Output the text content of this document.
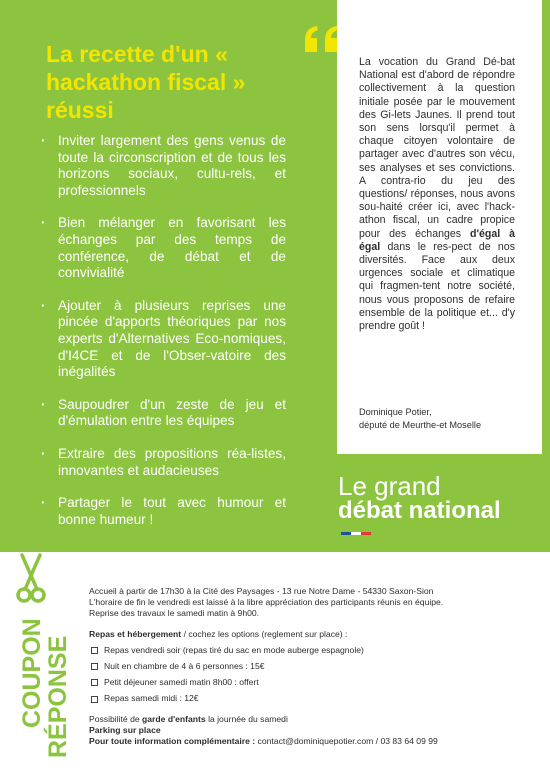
La recette d'un « hackathon fiscal » réussi
· Inviter largement des gens venus de toute la circonscription et de tous les horizons sociaux, cultu-rels, et professionnels
· Bien mélanger en favorisant les échanges par des temps de conférence, de débat et de convivialité
· Ajouter à plusieurs reprises une pincée d'apports théoriques par nos experts d'Alternatives Eco-nomiques, d'I4CE et de l'Obser-vatoire des inégalités
· Saupoudrer d'un zeste de jeu et d'émulation entre les équipes
· Extraire des propositions réa-listes, innovantes et audacieuses
· Partager le tout avec humour et bonne humeur !

La vocation du Grand Dé-bat National est d'abord de répondre collectivement à la question initiale posée par le mouvement des Gi-lets Jaunes. Il prend tout son sens lorsqu'il permet à chaque citoyen volontaire de partager avec d'autres son vécu, ses analyses et ses convictions. A contra-rio du jeu des questions/ réponses, nous avons sou-haité créer ici, avec l'hack-athon fiscal, un cadre propice pour des échanges d'égal à égal dans le res-pect de nos diversités. Face aux deux urgences sociale et climatique qui fragmen-tent notre société, nous vous proposons de refaire ensemble de la politique et... d'y prendre goût !

Dominique Potier,
député de Meurthe-et Moselle
Le grand
débat national
COUPON
RÉPONSE
Accueil à partir de 17h30 à la Cité des Paysages - 13 rue Notre Dame - 54330 Saxon-Sion
L'horaire de fin le vendredi est laissé à la libre appréciation des participants réunis en équipe.
Reprise des travaux le samedi matin à 9h00.
Repas et hébergement / cochez les options (reglement sur place) :
Repas vendredi soir (repas tiré du sac en mode auberge espagnole)
Nuit en chambre de 4 à 6 personnes : 15€
Petit déjeuner samedi matin 8h00 : offert
Repas samedi midi : 12€
Possibilité de garde d'enfants la journée du samedi
Parking sur place
Pour toute information complémentaire : contact@dominiquepotier.com / 03 83 64 09 99
